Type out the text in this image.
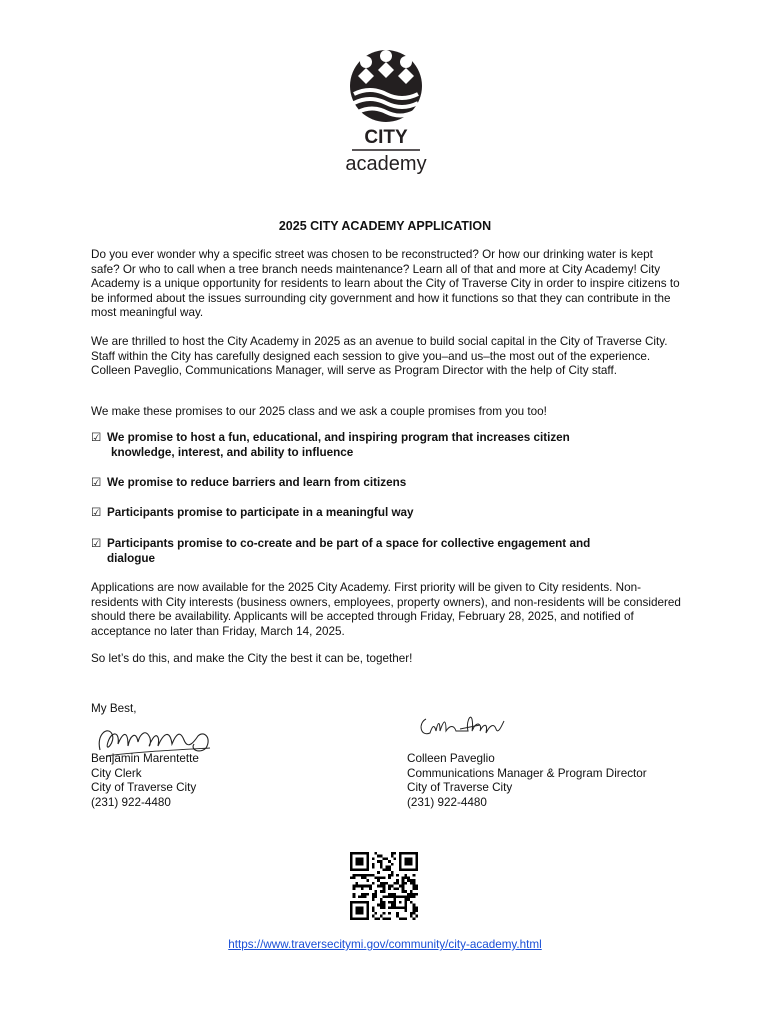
CITY
academy
2025 CITY ACADEMY APPLICATION
Do you ever wonder why a specific street was chosen to be reconstructed? Or how our drinking water is kept safe? Or who to call when a tree branch needs maintenance? Learn all of that and more at City Academy! City Academy is a unique opportunity for residents to learn about the City of Traverse City in order to inspire citizens to be informed about the issues surrounding city government and how it functions so that they can contribute in the most meaningful way.
We are thrilled to host the City Academy in 2025 as an avenue to build social capital in the City of Traverse City. Staff within the City has carefully designed each session to give you–and us–the most out of the experience. Colleen Paveglio, Communications Manager, will serve as Program Director with the help of City staff.
We make these promises to our 2025 class and we ask a couple promises from you too!
☑ We promise to host a fun, educational, and inspiring program that increases citizen
knowledge, interest, and ability to influence
☑ We promise to reduce barriers and learn from citizens
☑ Participants promise to participate in a meaningful way
☑ Participants promise to co-create and be part of a space for collective engagement and
dialogue
Applications are now available for the 2025 City Academy. First priority will be given to City residents. Non-residents with City interests (business owners, employees, property owners), and non-residents will be considered should there be availability. Applicants will be accepted through Friday, February 28, 2025, and notified of acceptance no later than Friday, March 14, 2025.
So let’s do this, and make the City the best it can be, together!
My Best,
Benjamin Marentette
City Clerk
City of Traverse City
(231) 922-4480
Colleen Paveglio
Communications Manager & Program Director
City of Traverse City
(231) 922-4480
https://www.traversecitymi.gov/community/city-academy.html
